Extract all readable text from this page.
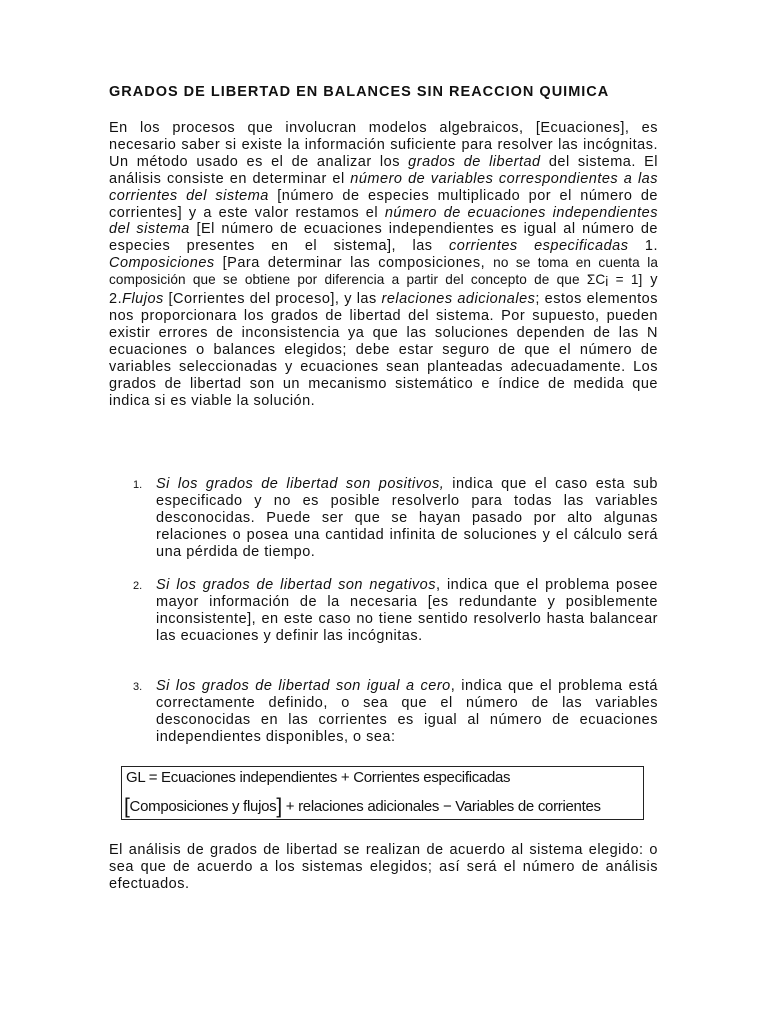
GRADOS DE LIBERTAD EN BALANCES SIN REACCION QUIMICA

En los procesos que involucran modelos algebraicos, [Ecuaciones], es necesario saber si existe la información suficiente para resolver las incógnitas. Un método usado es el de analizar los grados de libertad del sistema. El análisis consiste en determinar el número de variables correspondientes a las corrientes del sistema [número de especies multiplicado por el número de corrientes] y a este valor restamos el número de ecuaciones independientes del sistema [El número de ecuaciones independientes es igual al número de especies presentes en el sistema], las corrientes especificadas 1. Composiciones [Para determinar las composiciones, no se toma en cuenta la composición que se obtiene por diferencia a partir del concepto de que $\Sigma C_i = 1$] y 2.Flujos [Corrientes del proceso], y las relaciones adicionales; estos elementos nos proporcionara los grados de libertad del sistema. Por supuesto, pueden existir errores de inconsistencia ya que las soluciones dependen de las N ecuaciones o balances elegidos; debe estar seguro de que el número de variables seleccionadas y ecuaciones sean planteadas adecuadamente. Los grados de libertad son un mecanismo sistemático e índice de medida que indica si es viable la solución.

1. Si los grados de libertad son positivos, indica que el caso esta sub especificado y no es posible resolverlo para todas las variables desconocidas. Puede ser que se hayan pasado por alto algunas relaciones o posea una cantidad infinita de soluciones y el cálculo será una pérdida de tiempo.
2. Si los grados de libertad son negativos, indica que el problema posee mayor información de la necesaria [es redundante y posiblemente inconsistente], en este caso no tiene sentido resolverlo hasta balancear las ecuaciones y definir las incógnitas.
3. Si los grados de libertad son igual a cero, indica que el problema está correctamente definido, o sea que el número de las variables desconocidas en las corrientes es igual al número de ecuaciones independientes disponibles, o sea:
GL = Ecuaciones independientes + Corrientes especificadas
[Composiciones y flujos] + relaciones adicionales − Variables de corrientes

El análisis de grados de libertad se realizan de acuerdo al sistema elegido: o sea que de acuerdo a los sistemas elegidos; así será el número de análisis efectuados.
